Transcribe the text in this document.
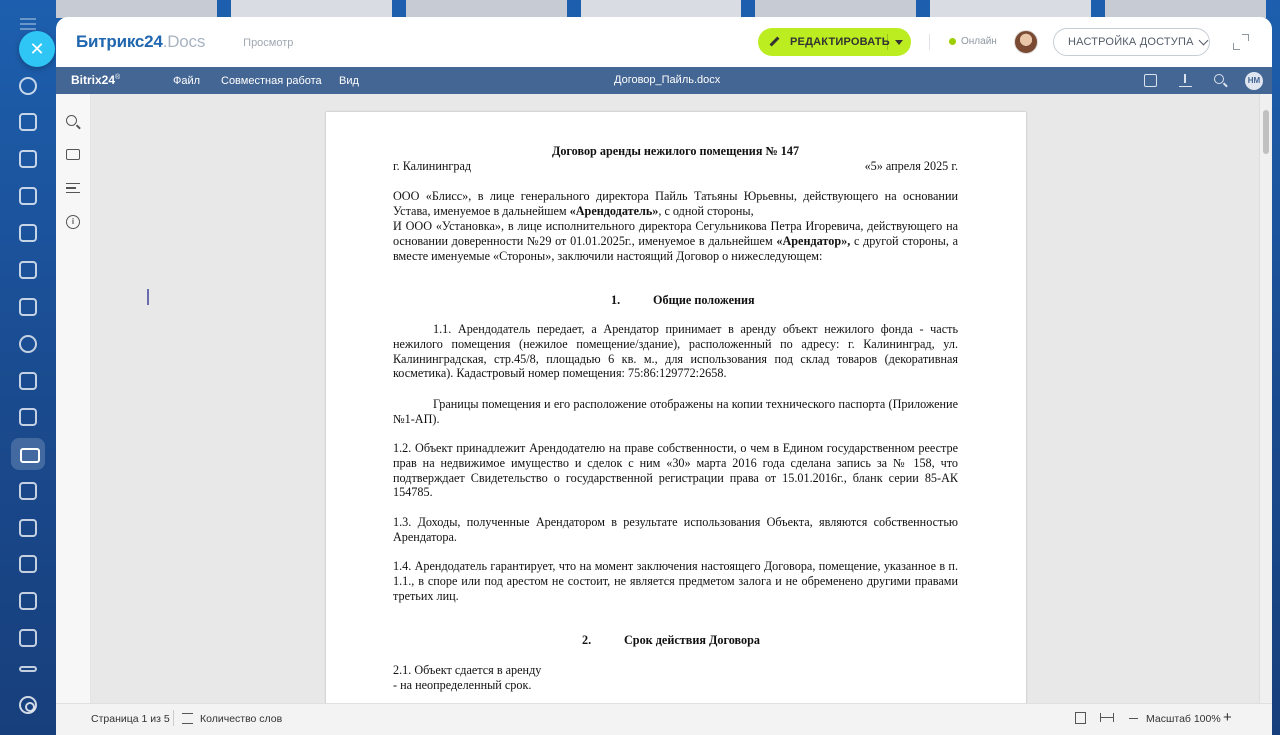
✕	Битрикс24.Docs	Просмотр	РЕДАКТИРОВАТЬ	Онлайн	НАСТРОЙКА ДОСТУПА
Bitrix24®	Файл Совместная работа Вид	Договор_Пайль.docx	НМ
i
Договор аренды нежилого помещения № 147
г. Калининград	«5» апреля 2025 г.
ООО «Блисс», в лице генерального директора Пайль Татьяны Юрьевны, действующего на основании Устава, именуемое в дальнейшем «Арендодатель», с одной стороны,
И ООО «Установка», в лице исполнительного директора Сегульникова Петра Игоревича, действующего на основании доверенности №29 от 01.01.2025г., именуемое в дальнейшем «Арендатор», с другой стороны, а вместе именуемые «Стороны», заключили настоящий Договор о нижеследующем:
1.	Общие положения
1.1. Арендодатель передает, а Арендатор принимает в аренду объект нежилого фонда - часть нежилого помещения (нежилое помещение/здание), расположенный по адресу: г. Калининград, ул. Калининградская, стр.45/8, площадью 6 кв. м., для использования под склад товаров (декоративная косметика). Кадастровый номер помещения: 75:86:129772:2658.
Границы помещения и его расположение отображены на копии технического паспорта (Приложение №1-АП).
1.2. Объект принадлежит Арендодателю на праве собственности, о чем в Едином государственном реестре прав на недвижимое имущество и сделок с ним «30» марта 2016 года сделана запись за № 158, что подтверждает Свидетельство о государственной регистрации права от 15.01.2016г., бланк серии 85-АК 154785.
1.3. Доходы, полученные Арендатором в результате использования Объекта, являются собственностью Арендатора.
1.4. Арендодатель гарантирует, что на момент заключения настоящего Договора, помещение, указанное в п. 1.1., в споре или под арестом не состоит, не является предметом залога и не обременено другими правами третьих лиц.
2.	Срок действия Договора
2.1. Объект сдается в аренду
- на неопределенный срок.
Страница 1 из 5	Количество слов	Масштаб 100% +
